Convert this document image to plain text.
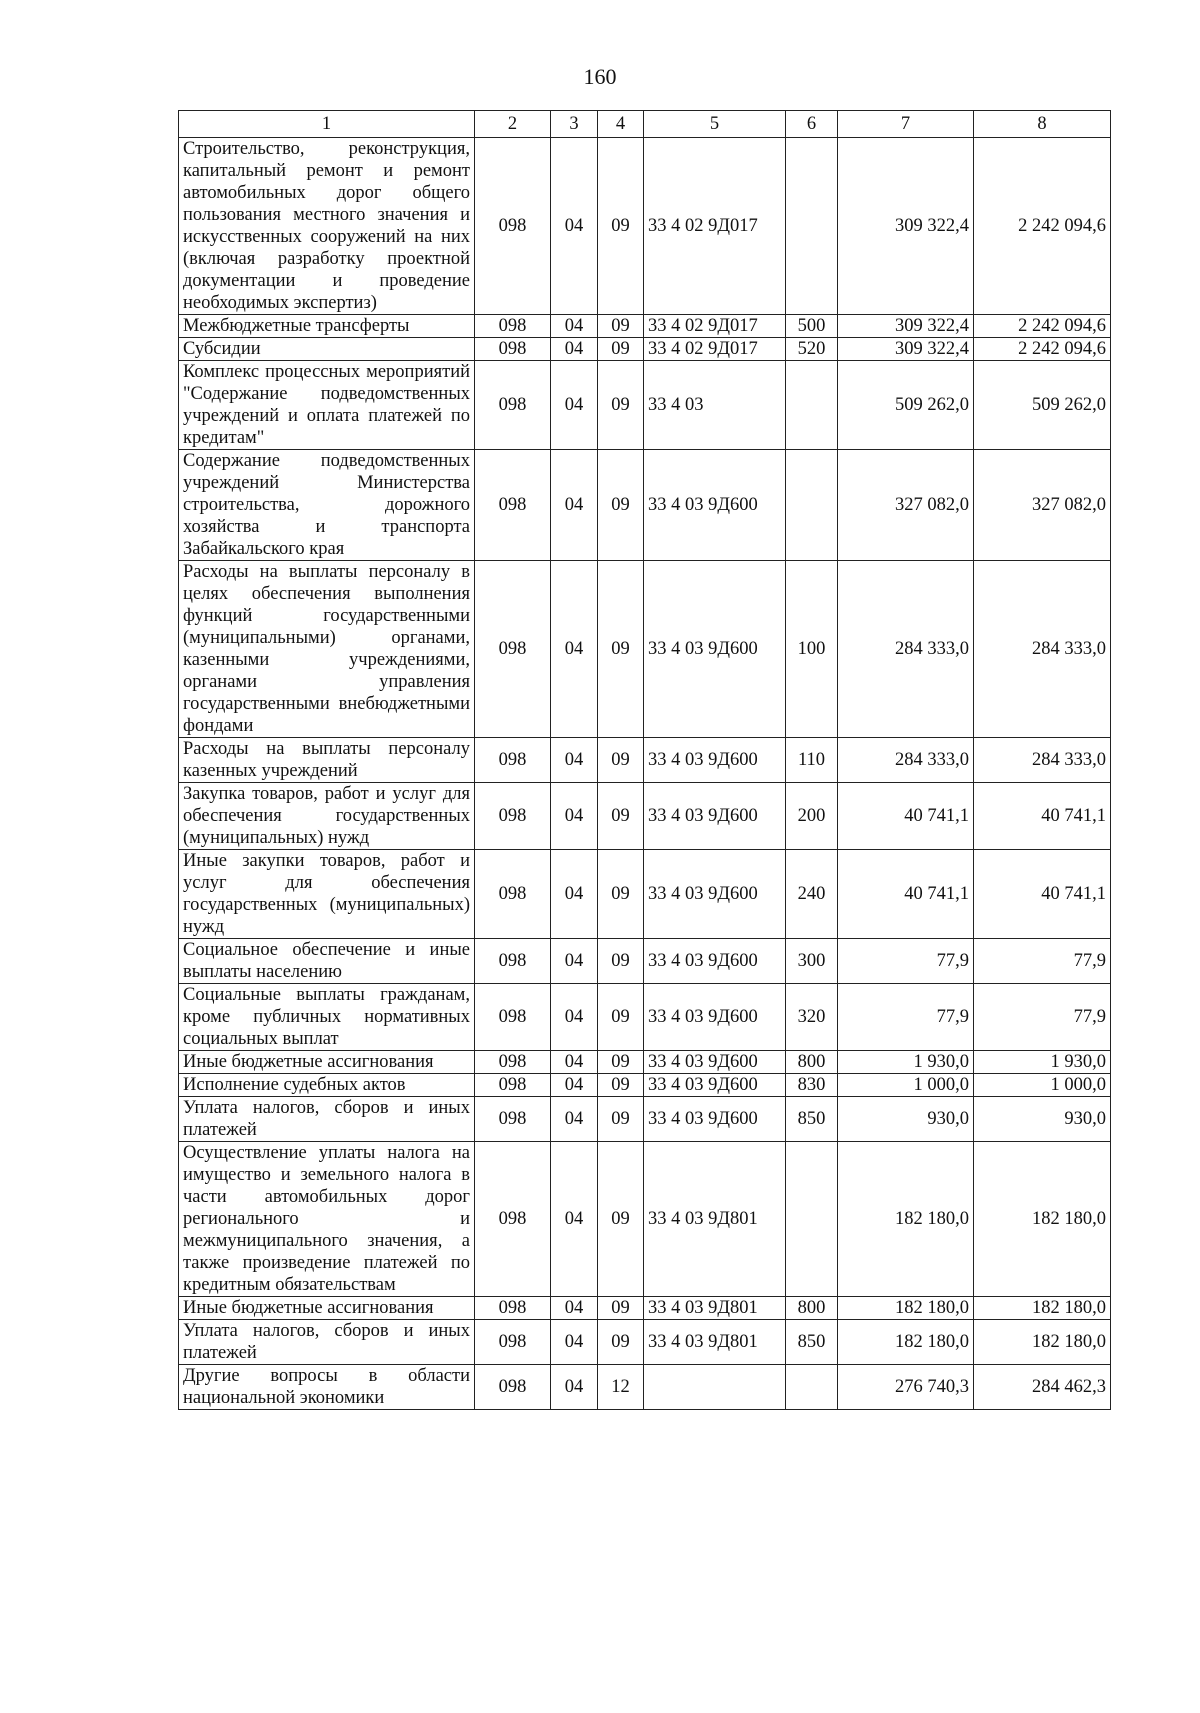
160
1	2	3	4	5	6	7	8
Строительство, реконструкция, капитальный ремонт и ремонт автомобильных дорог общего пользования местного значения и искусственных сооружений на них (включая разработку проектной документации и проведение необходимых экспертиз)	098	04	09	33 4 02 9Д017		309 322,4	2 242 094,6
Межбюджетные трансферты	098	04	09	33 4 02 9Д017	500	309 322,4	2 242 094,6
Субсидии	098	04	09	33 4 02 9Д017	520	309 322,4	2 242 094,6
Комплекс процессных мероприятий "Содержание подведомственных учреждений и оплата платежей по кредитам"	098	04	09	33 4 03		509 262,0	509 262,0
Содержание подведомственных учреждений Министерства строительства, дорожного хозяйства и транспорта Забайкальского края	098	04	09	33 4 03 9Д600		327 082,0	327 082,0
Расходы на выплаты персоналу в целях обеспечения выполнения функций государственными (муниципальными) органами, казенными учреждениями, органами управления государственными внебюджетными фондами	098	04	09	33 4 03 9Д600	100	284 333,0	284 333,0
Расходы на выплаты персоналу казенных учреждений	098	04	09	33 4 03 9Д600	110	284 333,0	284 333,0
Закупка товаров, работ и услуг для обеспечения государственных (муниципальных) нужд	098	04	09	33 4 03 9Д600	200	40 741,1	40 741,1
Иные закупки товаров, работ и услуг для обеспечения государственных (муниципальных) нужд	098	04	09	33 4 03 9Д600	240	40 741,1	40 741,1
Социальное обеспечение и иные выплаты населению	098	04	09	33 4 03 9Д600	300	77,9	77,9
Социальные выплаты гражданам, кроме публичных нормативных социальных выплат	098	04	09	33 4 03 9Д600	320	77,9	77,9
Иные бюджетные ассигнования	098	04	09	33 4 03 9Д600	800	1 930,0	1 930,0
Исполнение судебных актов	098	04	09	33 4 03 9Д600	830	1 000,0	1 000,0
Уплата налогов, сборов и иных платежей	098	04	09	33 4 03 9Д600	850	930,0	930,0
Осуществление уплаты налога на имущество и земельного налога в части автомобильных дорог регионального и межмуниципального значения, а также произведение платежей по кредитным обязательствам	098	04	09	33 4 03 9Д801		182 180,0	182 180,0
Иные бюджетные ассигнования	098	04	09	33 4 03 9Д801	800	182 180,0	182 180,0
Уплата налогов, сборов и иных платежей	098	04	09	33 4 03 9Д801	850	182 180,0	182 180,0
Другие вопросы в области национальной экономики	098	04	12			276 740,3	284 462,3
